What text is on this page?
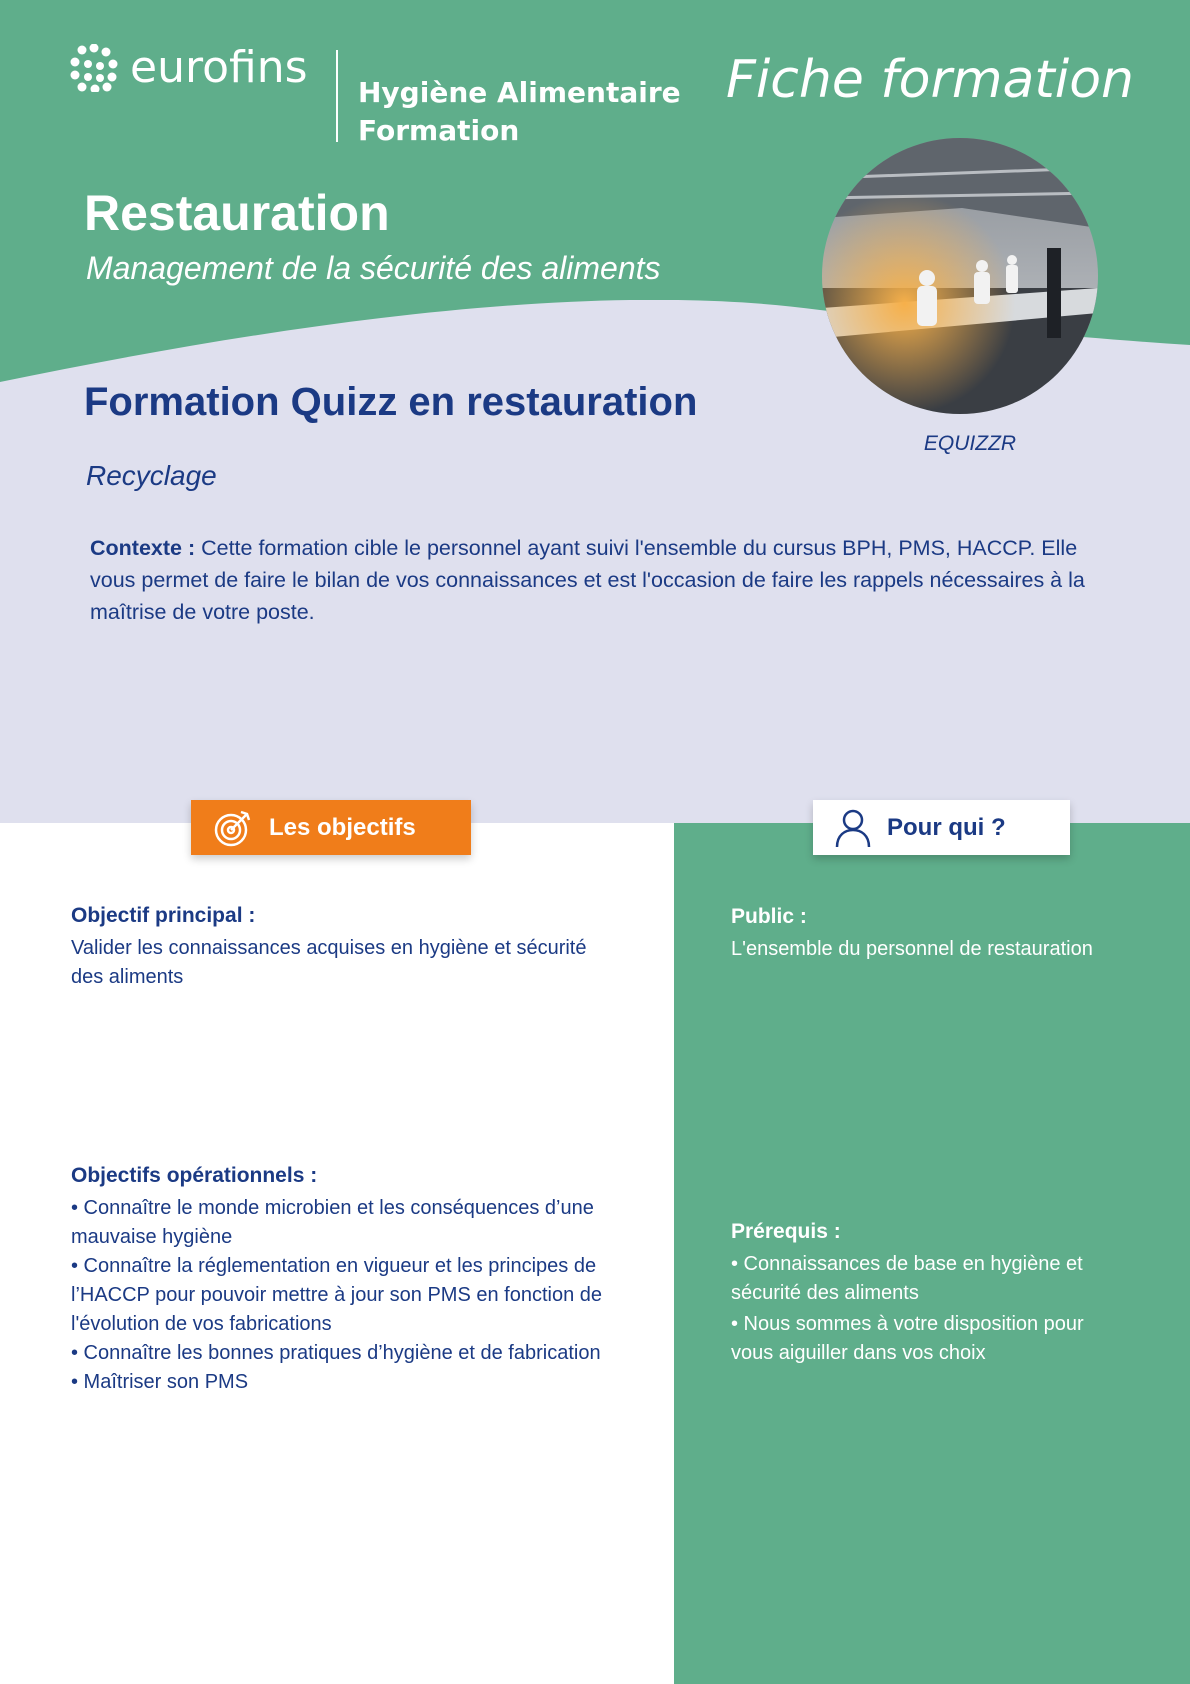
eurofins Hygiène Alimentaire
Formation
Fiche formation
Restauration
Management de la sécurité des aliments
EQUIZZR
Formation Quizz en restauration
Recyclage
Contexte : Cette formation cible le personnel ayant suivi l'ensemble du cursus BPH, PMS, HACCP. Elle vous permet de faire le bilan de vos connaissances et est l'occasion de faire les rappels nécessaires à la maîtrise de votre poste.
Les objectifs	Pour qui ?
Objectif principal :
Valider les connaissances acquises en hygiène et sécurité des aliments
Objectifs opérationnels :
• Connaître le monde microbien et les conséquences d’une mauvaise hygiène
• Connaître la réglementation en vigueur et les principes de l’HACCP pour pouvoir mettre à jour son PMS en fonction de l'évolution de vos fabrications
• Connaître les bonnes pratiques d’hygiène et de fabrication
• Maîtriser son PMS
Public :
L'ensemble du personnel de restauration
Prérequis :
• Connaissances de base en hygiène et sécurité des aliments
• Nous sommes à votre disposition pour vous aiguiller dans vos choix
